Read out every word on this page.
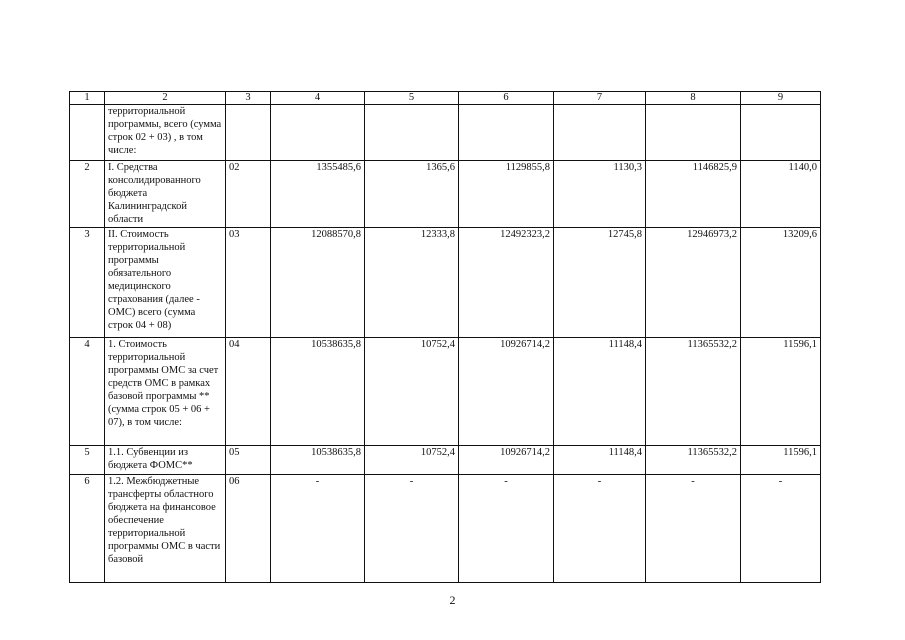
1	2	3	4	5	6	7	8	9
	территориальной программы, всего (сумма строк 02 + 03) , в том числе:							
2	I. Средства консолидированного бюджета Калининградской области	02	1355485,6	1365,6	1129855,8	1130,3	1146825,9	1140,0
3	II. Стоимость территориальной программы обязательного медицинского страхования (далее - ОМС) всего (сумма строк 04 + 08)	03	12088570,8	12333,8	12492323,2	12745,8	12946973,2	13209,6
4	1. Стоимость территориальной программы ОМС за счет средств ОМС в рамках базовой программы **(сумма строк 05 + 06 + 07), в том числе:	04	10538635,8	10752,4	10926714,2	11148,4	11365532,2	11596,1
5	1.1. Субвенции из бюджета ФОМС**	05	10538635,8	10752,4	10926714,2	11148,4	11365532,2	11596,1
6	1.2. Межбюджетные трансферты областного бюджета на финансовое обеспечение территориальной программы ОМС в части базовой	06	-	-	-	-	-	-
2
